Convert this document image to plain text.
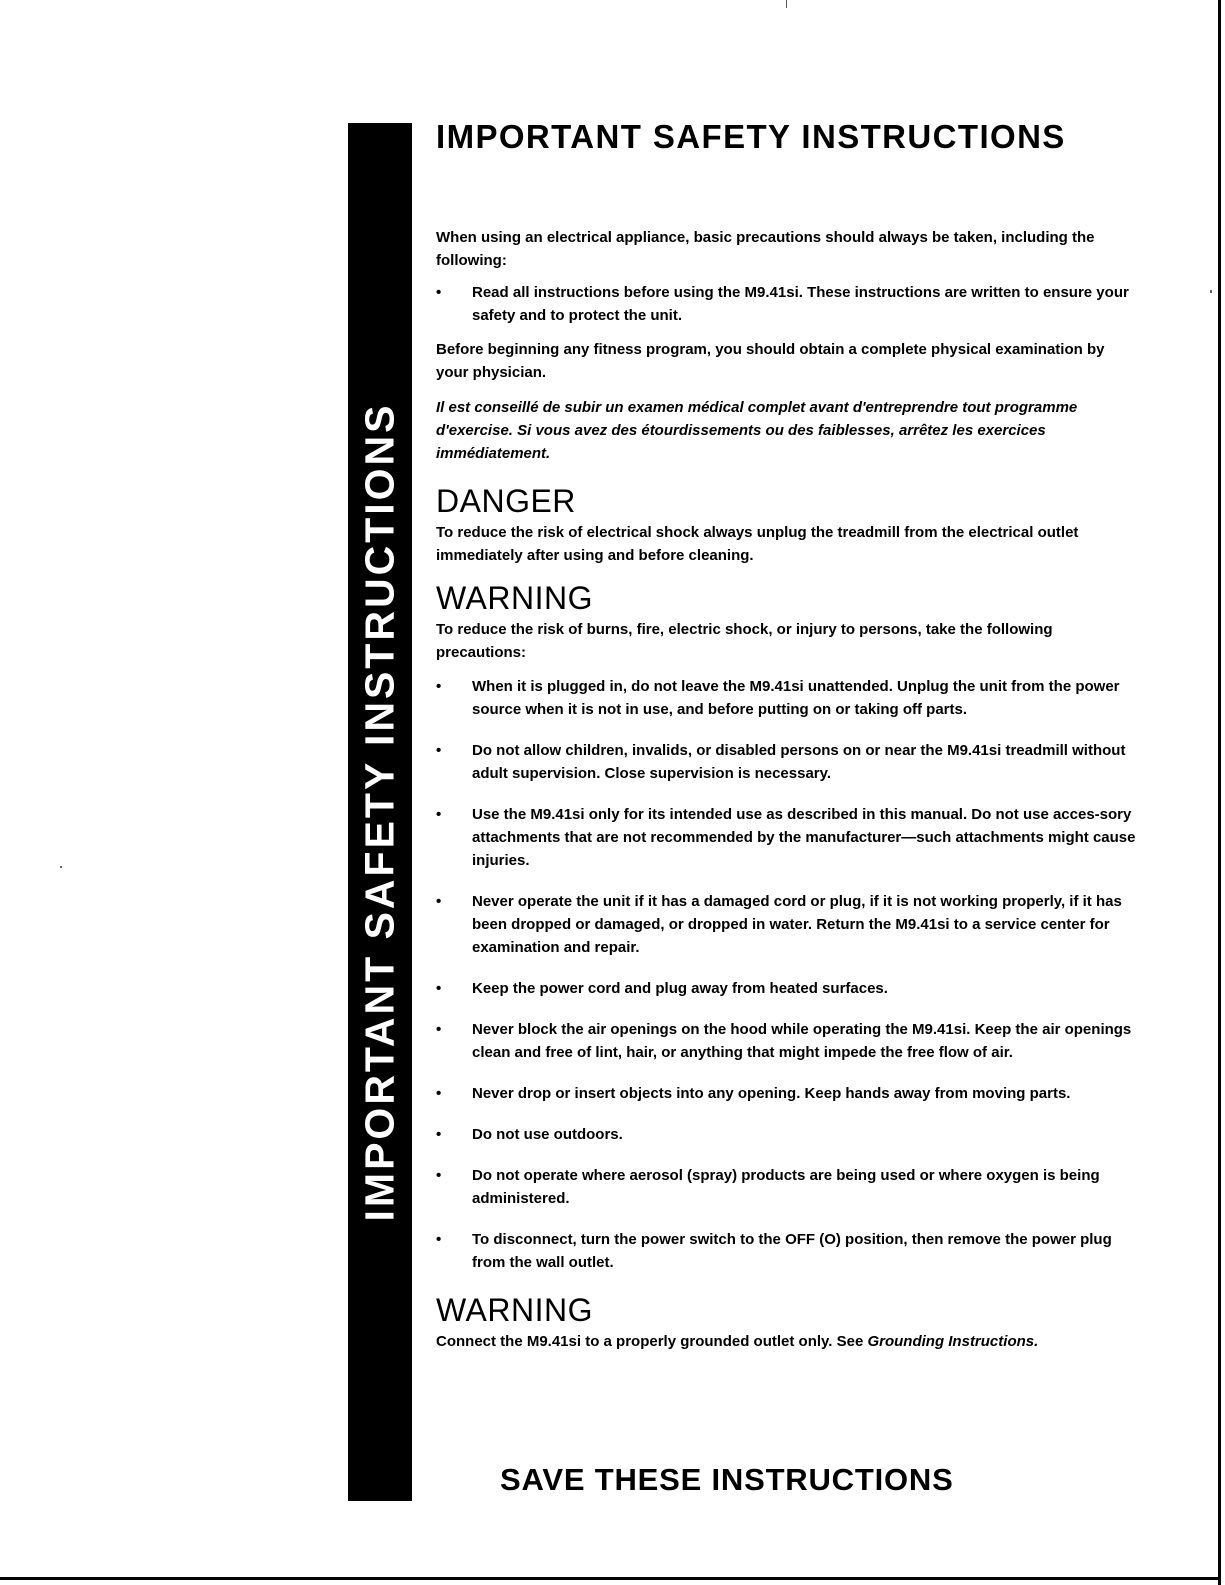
IMPORTANT SAFETY INSTRUCTIONS
IMPORTANT SAFETY INSTRUCTIONS

When using an electrical appliance, basic precautions should always be taken, including the following:

• Read all instructions before using the M9.41si. These instructions are written to ensure your safety and to protect the unit.

Before beginning any fitness program, you should obtain a complete physical examination by your physician.

Il est conseillé de subir un examen médical complet avant d'entreprendre tout programme d'exercise. Si vous avez des étourdissements ou des faiblesses, arrêtez les exercices immédiatement.

DANGER

To reduce the risk of electrical shock always unplug the treadmill from the electrical outlet immediately after using and before cleaning.

WARNING

To reduce the risk of burns, fire, electric shock, or injury to persons, take the following precautions:

• When it is plugged in, do not leave the M9.41si unattended. Unplug the unit from the power source when it is not in use, and before putting on or taking off parts.
• Do not allow children, invalids, or disabled persons on or near the M9.41si treadmill without adult supervision. Close supervision is necessary.
• Use the M9.41si only for its intended use as described in this manual. Do not use acces-sory attachments that are not recommended by the manufacturer—such attachments might cause injuries.
• Never operate the unit if it has a damaged cord or plug, if it is not working properly, if it has been dropped or damaged, or dropped in water. Return the M9.41si to a service center for examination and repair.
• Keep the power cord and plug away from heated surfaces.
• Never block the air openings on the hood while operating the M9.41si. Keep the air openings clean and free of lint, hair, or anything that might impede the free flow of air.
• Never drop or insert objects into any opening. Keep hands away from moving parts.
• Do not use outdoors.
• Do not operate where aerosol (spray) products are being used or where oxygen is being administered.
• To disconnect, turn the power switch to the OFF (O) position, then remove the power plug from the wall outlet.
WARNING

Connect the M9.41si to a properly grounded outlet only. See Grounding Instructions.

SAVE THESE INSTRUCTIONS
